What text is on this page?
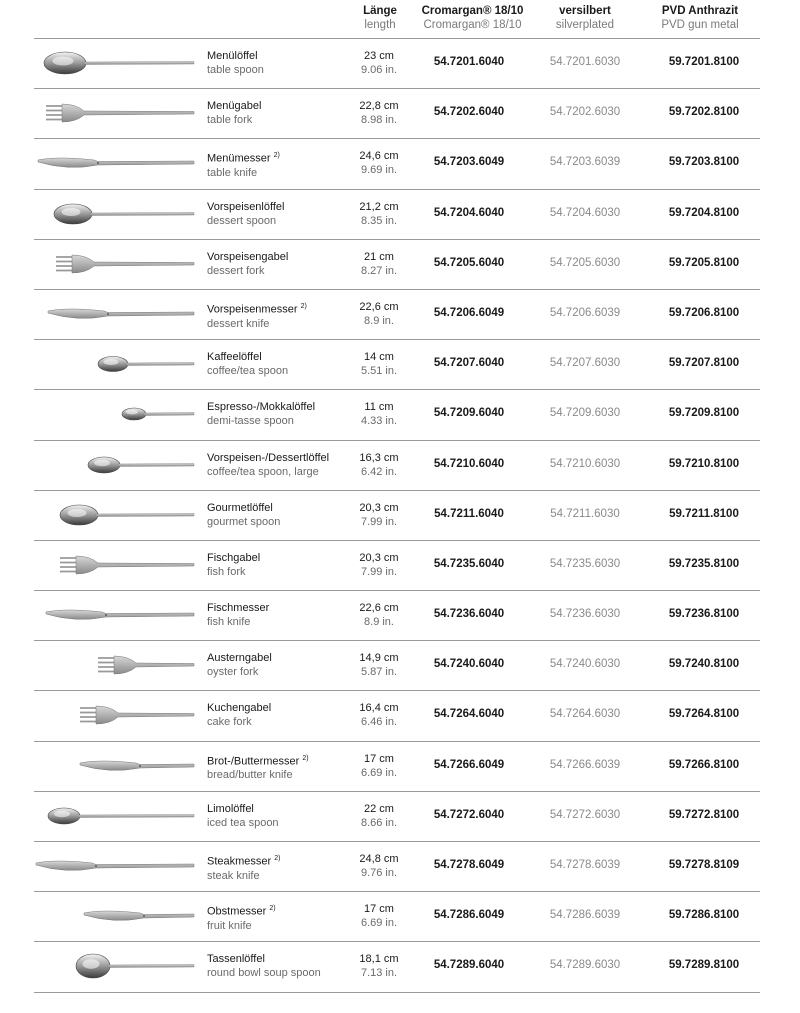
Länge
length
Cromargan® 18/10
Cromargan® 18/10
versilbert
silverplated
PVD Anthrazit
PVD gun metal
Menülöffel
table spoon
23 cm
9.06 in.
54.7201.6040	54.7201.6030	59.7201.8100
Menügabel
table fork
22,8 cm
8.98 in.
54.7202.6040	54.7202.6030	59.7202.8100
Menümesser $^{2)}$
table knife
24,6 cm
9.69 in.
54.7203.6049	54.7203.6039	59.7203.8100
Vorspeisenlöffel
dessert spoon
21,2 cm
8.35 in.
54.7204.6040	54.7204.6030	59.7204.8100
Vorspeisengabel
dessert fork
21 cm
8.27 in.
54.7205.6040	54.7205.6030	59.7205.8100
Vorspeisenmesser $^{2)}$
dessert knife
22,6 cm
8.9 in.
54.7206.6049	54.7206.6039	59.7206.8100
Kaffeelöffel
coffee/tea spoon
14 cm
5.51 in.
54.7207.6040	54.7207.6030	59.7207.8100
Espresso-/Mokkalöffel
demi-tasse spoon
11 cm
4.33 in.
54.7209.6040	54.7209.6030	59.7209.8100
Vorspeisen-/Dessertlöffel
coffee/tea spoon, large
16,3 cm
6.42 in.
54.7210.6040	54.7210.6030	59.7210.8100
Gourmetlöffel
gourmet spoon
20,3 cm
7.99 in.
54.7211.6040	54.7211.6030	59.7211.8100
Fischgabel
fish fork
20,3 cm
7.99 in.
54.7235.6040	54.7235.6030	59.7235.8100
Fischmesser
fish knife
22,6 cm
8.9 in.
54.7236.6040	54.7236.6030	59.7236.8100
Austerngabel
oyster fork
14,9 cm
5.87 in.
54.7240.6040	54.7240.6030	59.7240.8100
Kuchengabel
cake fork
16,4 cm
6.46 in.
54.7264.6040	54.7264.6030	59.7264.8100
Brot-/Buttermesser $^{2)}$
bread/butter knife
17 cm
6.69 in.
54.7266.6049	54.7266.6039	59.7266.8100
Limolöffel
iced tea spoon
22 cm
8.66 in.
54.7272.6040	54.7272.6030	59.7272.8100
Steakmesser $^{2)}$
steak knife
24,8 cm
9.76 in.
54.7278.6049	54.7278.6039	59.7278.8109
Obstmesser $^{2)}$
fruit knife
17 cm
6.69 in.
54.7286.6049	54.7286.6039	59.7286.8100
Tassenlöffel
round bowl soup spoon
18,1 cm
7.13 in.
54.7289.6040	54.7289.6030	59.7289.8100
